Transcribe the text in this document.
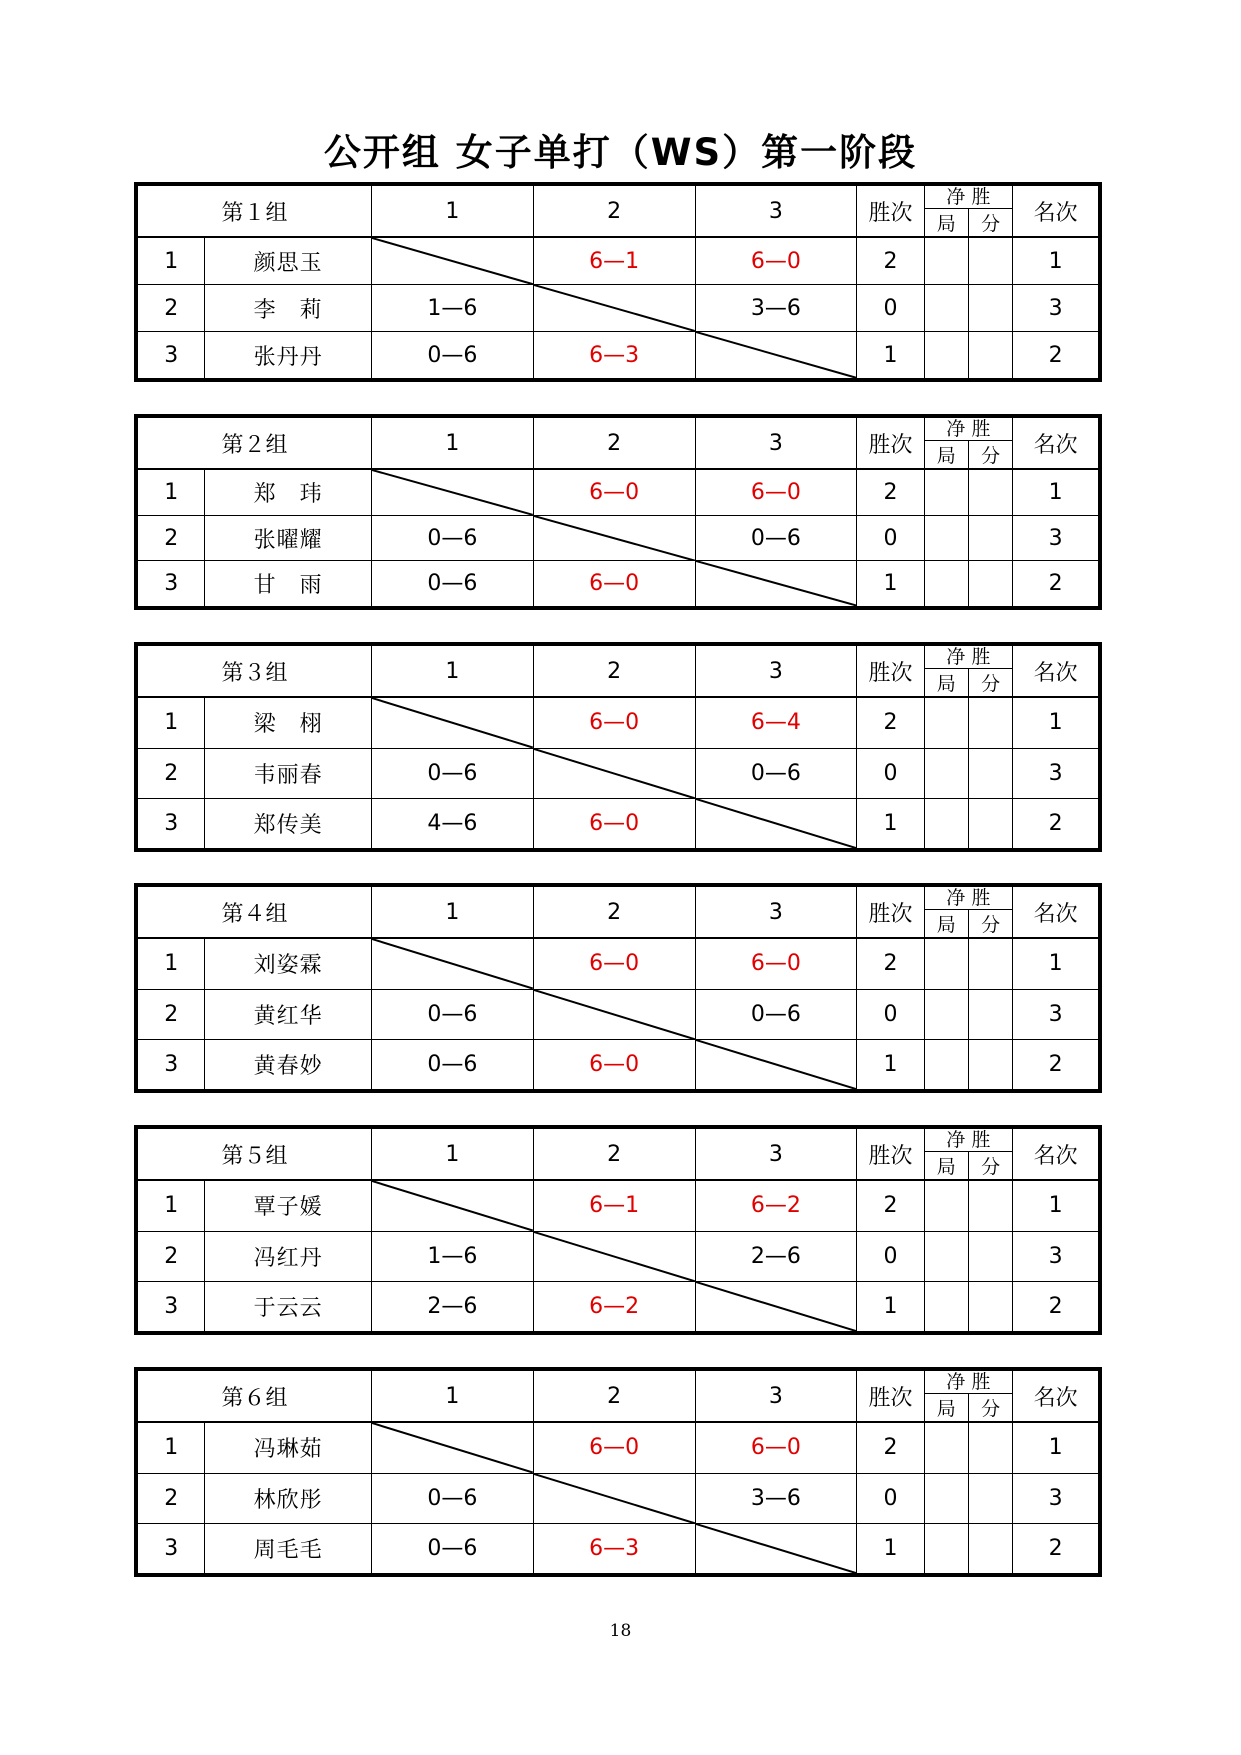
公开组 女子单打（WS）第一阶段
第１组		1	2	3	胜次	净 胜
局 分		名次
1	颜思玉		6—1	6—0	2			1
2	李　莉	1—6		3—6	0			3
3	张丹丹	0—6	6—3		1			2
第２组		1	2	3	胜次	净 胜
局 分		名次
1	郑　玮		6—0	6—0	2			1
2	张曜耀	0—6		0—6	0			3
3	甘　雨	0—6	6—0		1			2
第３组		1	2	3	胜次	净 胜
局 分		名次
1	梁　栩		6—0	6—4	2			1
2	韦丽春	0—6		0—6	0			3
3	郑传美	4—6	6—0		1			2
第４组		1	2	3	胜次	净 胜
局 分		名次
1	刘姿霖		6—0	6—0	2			1
2	黄红华	0—6		0—6	0			3
3	黄春妙	0—6	6—0		1			2
第５组		1	2	3	胜次	净 胜
局 分		名次
1	覃子媛		6—1	6—2	2			1
2	冯红丹	1—6		2—6	0			3
3	于云云	2—6	6—2		1			2
第６组		1	2	3	胜次	净 胜
局 分		名次
1	冯琳茹		6—0	6—0	2			1
2	林欣彤	0—6		3—6	0			3
3	周毛毛	0—6	6—3		1			2
18
